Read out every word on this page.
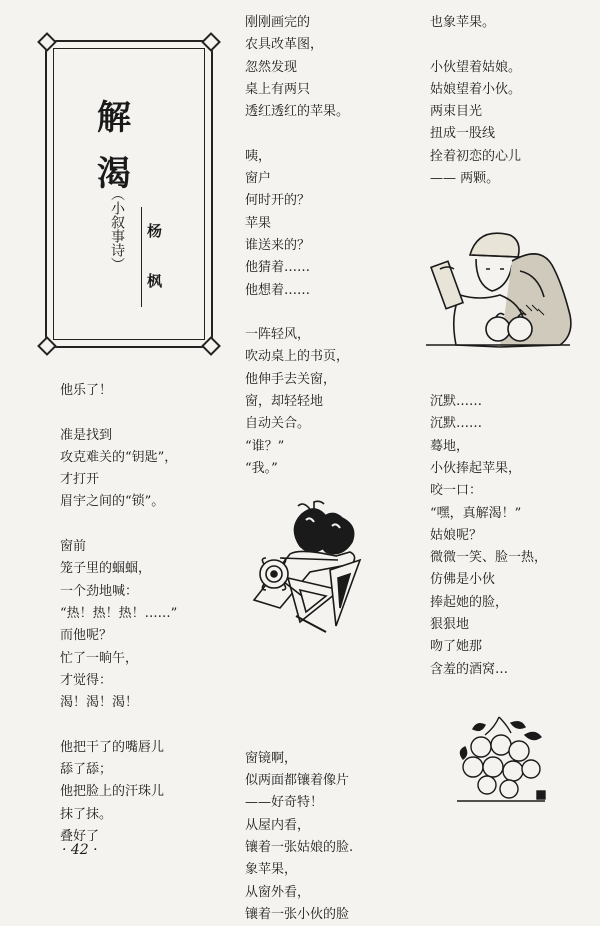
解
渴
（小叙事诗） 杨
枫
他乐了！
准是找到
攻克难关的“钥匙”，
才打开
眉宇之间的“锁”。
窗前
笼子里的蝈蝈，
一个劲地喊：
“热！热！热！……”
而他呢？
忙了一晌午，
才觉得：
渴！渴！渴！
他把干了的嘴唇儿
舔了舔；
他把脸上的汗珠儿
抹了抹。
叠好了
刚刚画完的
农具改革图，
忽然发现
桌上有两只
透红透红的苹果。
咦，
窗户
何时开的？
苹果
谁送来的？
他猜着……
他想着……
一阵轻风，
吹动桌上的书页，
他伸手去关窗，
窗，却轻轻地
自动关合。
“谁？”
“我。”
窗镜啊，
似两面都镶着像片
——好奇特！
从屋内看，
镶着一张姑娘的脸.
象苹果，
从窗外看，
镶着一张小伙的脸
也象苹果。
小伙望着姑娘。
姑娘望着小伙。
两束目光
扭成一股线
拴着初恋的心儿
—— 两颗。
沉默……
沉默……
蓦地，
小伙捧起苹果，
咬一口：
“嘿，真解渴！”
姑娘呢？
微微一笑、脸一热，
仿佛是小伙
捧起她的脸，
狠狠地
吻了她那
含羞的酒窝…
· 42 ·
